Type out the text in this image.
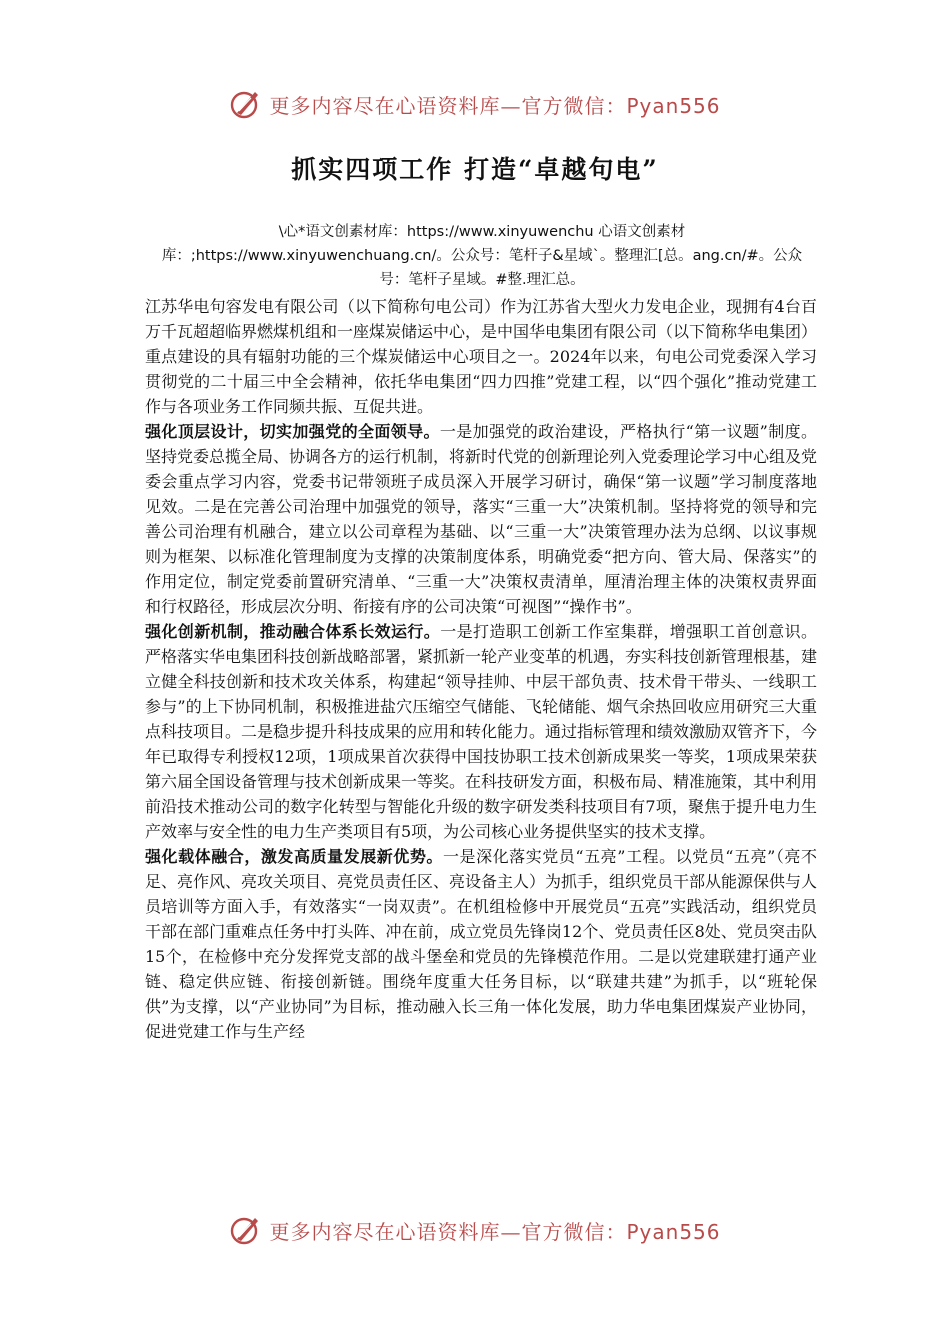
更多内容尽在心语资料库—官方微信：Pyan556
抓实四项工作 打造“卓越句电”
\心*语文创素材库：https://www.xinyuwenchu 心语文创素材库：;https://www.xinyuwenchuang.cn/。公众号：笔杆子&星域`。整理汇[总。ang.cn/#。公众号：笔杆子星域。#整.理汇总。

江苏华电句容发电有限公司（以下简称句电公司）作为江苏省大型火力发电企业，现拥有4台百万千瓦超超临界燃煤机组和一座煤炭储运中心，是中国华电集团有限公司（以下简称华电集团）重点建设的具有辐射功能的三个煤炭储运中心项目之一。2024年以来，句电公司党委深入学习贯彻党的二十届三中全会精神，依托华电集团“四力四推”党建工程，以“四个强化”推动党建工作与各项业务工作同频共振、互促共进。

强化顶层设计，切实加强党的全面领导。一是加强党的政治建设，严格执行“第一议题”制度。坚持党委总揽全局、协调各方的运行机制，将新时代党的创新理论列入党委理论学习中心组及党委会重点学习内容，党委书记带领班子成员深入开展学习研讨，确保“第一议题”学习制度落地见效。二是在完善公司治理中加强党的领导，落实“三重一大”决策机制。坚持将党的领导和完善公司治理有机融合，建立以公司章程为基础、以“三重一大”决策管理办法为总纲、以议事规则为框架、以标准化管理制度为支撑的决策制度体系，明确党委“把方向、管大局、保落实”的作用定位，制定党委前置研究清单、“三重一大”决策权责清单，厘清治理主体的决策权责界面和行权路径，形成层次分明、衔接有序的公司决策“可视图”“操作书”。

强化创新机制，推动融合体系长效运行。一是打造职工创新工作室集群，增强职工首创意识。严格落实华电集团科技创新战略部署，紧抓新一轮产业变革的机遇，夯实科技创新管理根基，建立健全科技创新和技术攻关体系，构建起“领导挂帅、中层干部负责、技术骨干带头、一线职工参与”的上下协同机制，积极推进盐穴压缩空气储能、飞轮储能、烟气余热回收应用研究三大重点科技项目。二是稳步提升科技成果的应用和转化能力。通过指标管理和绩效激励双管齐下，今年已取得专利授权12项，1项成果首次获得中国技协职工技术创新成果奖一等奖，1项成果荣获第六届全国设备管理与技术创新成果一等奖。在科技研发方面，积极布局、精准施策，其中利用前沿技术推动公司的数字化转型与智能化升级的数字研发类科技项目有7项，聚焦于提升电力生产效率与安全性的电力生产类项目有5项，为公司核心业务提供坚实的技术支撑。

强化载体融合，激发高质量发展新优势。一是深化落实党员“五亮”工程。以党员“五亮”（亮不足、亮作风、亮攻关项目、亮党员责任区、亮设备主人）为抓手，组织党员干部从能源保供与人员培训等方面入手，有效落实“一岗双责”。在机组检修中开展党员“五亮”实践活动，组织党员干部在部门重难点任务中打头阵、冲在前，成立党员先锋岗12个、党员责任区8处、党员突击队15个，在检修中充分发挥党支部的战斗堡垒和党员的先锋模范作用。二是以党建联建打通产业链、稳定供应链、衔接创新链。围绕年度重大任务目标，以“联建共建”为抓手，以“班轮保供”为支撑，以“产业协同”为目标，推动融入长三角一体化发展，助力华电集团煤炭产业协同，促进党建工作与生产经

更多内容尽在心语资料库—官方微信：Pyan556
